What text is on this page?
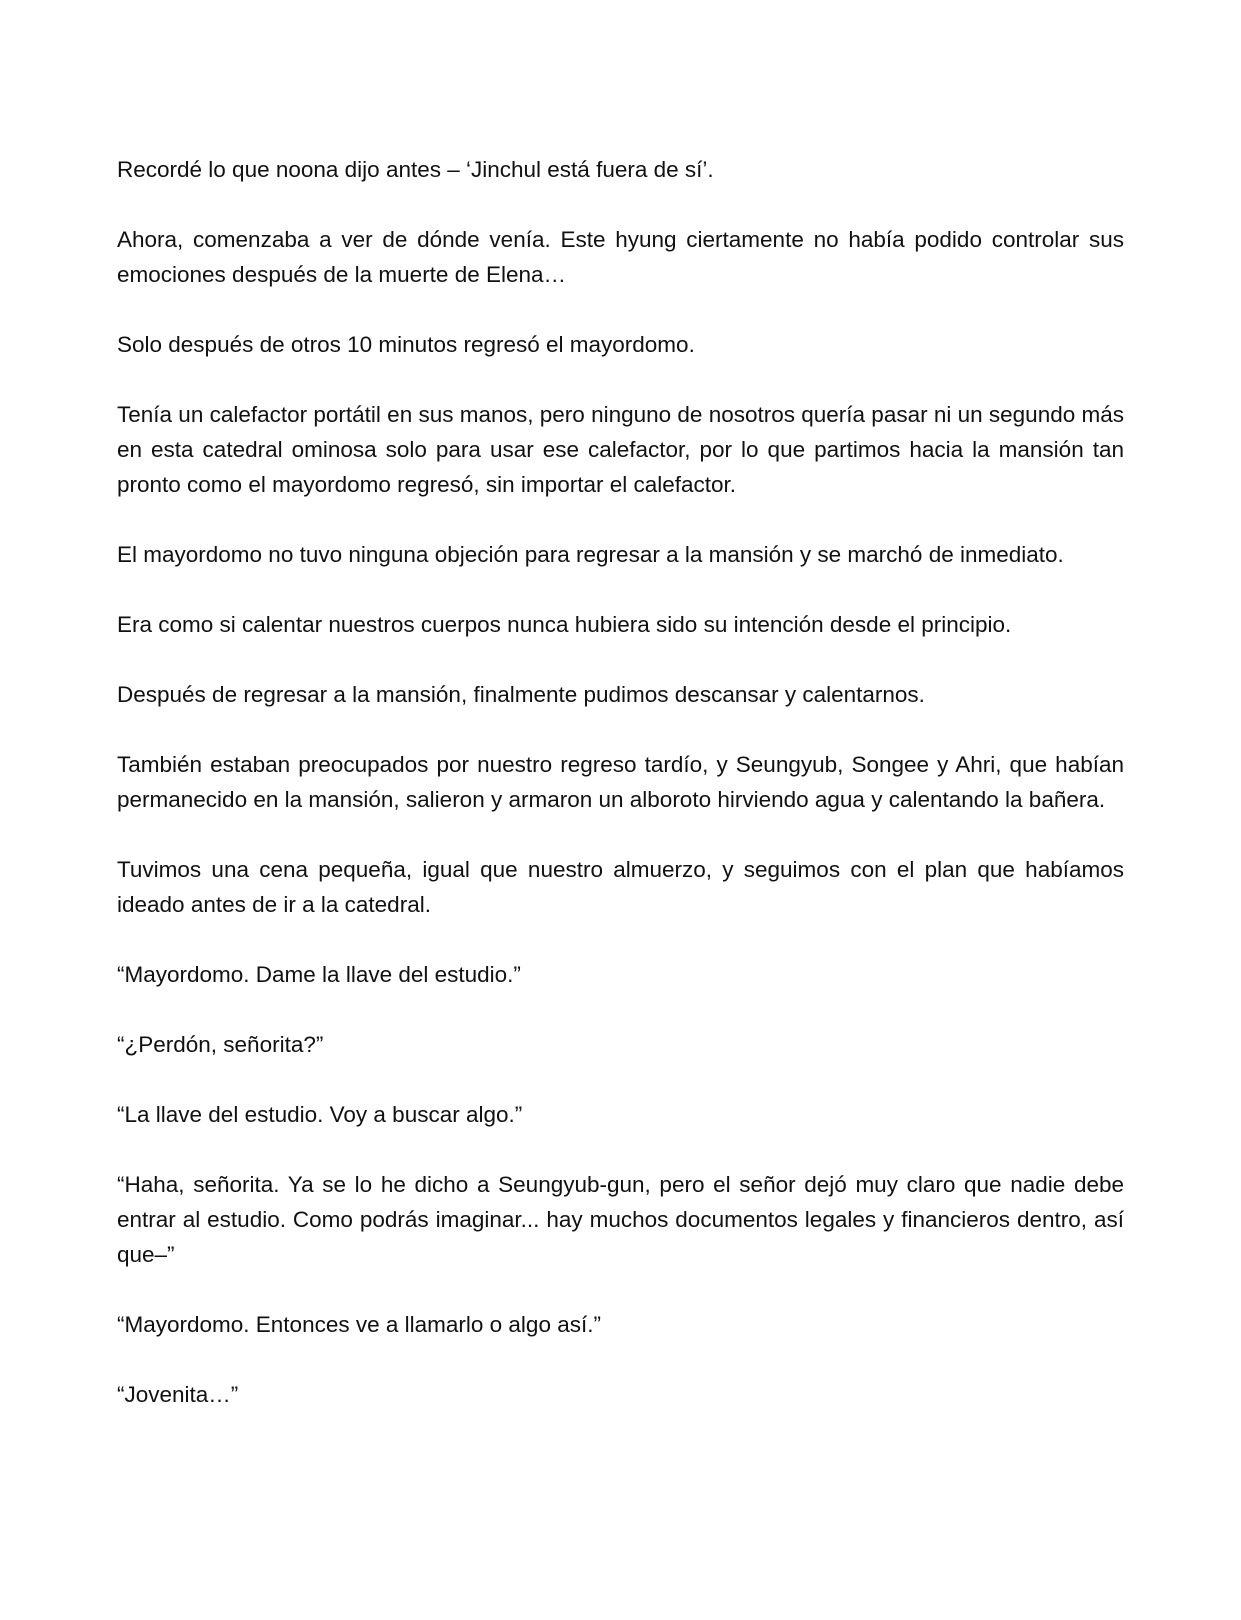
Recordé lo que noona dijo antes – ‘Jinchul está fuera de sí’.

Ahora, comenzaba a ver de dónde venía. Este hyung ciertamente no había podido controlar sus emociones después de la muerte de Elena…

Solo después de otros 10 minutos regresó el mayordomo.

Tenía un calefactor portátil en sus manos, pero ninguno de nosotros quería pasar ni un segundo más en esta catedral ominosa solo para usar ese calefactor, por lo que partimos hacia la mansión tan pronto como el mayordomo regresó, sin importar el calefactor.

El mayordomo no tuvo ninguna objeción para regresar a la mansión y se marchó de inmediato.

Era como si calentar nuestros cuerpos nunca hubiera sido su intención desde el principio.

Después de regresar a la mansión, finalmente pudimos descansar y calentarnos.

También estaban preocupados por nuestro regreso tardío, y Seungyub, Songee y Ahri, que habían permanecido en la mansión, salieron y armaron un alboroto hirviendo agua y calentando la bañera.

Tuvimos una cena pequeña, igual que nuestro almuerzo, y seguimos con el plan que habíamos ideado antes de ir a la catedral.

“Mayordomo. Dame la llave del estudio.”

“¿Perdón, señorita?”

“La llave del estudio. Voy a buscar algo.”

“Haha, señorita. Ya se lo he dicho a Seungyub-gun, pero el señor dejó muy claro que nadie debe entrar al estudio. Como podrás imaginar... hay muchos documentos legales y financieros dentro, así que–”

“Mayordomo. Entonces ve a llamarlo o algo así.”

“Jovenita…”
